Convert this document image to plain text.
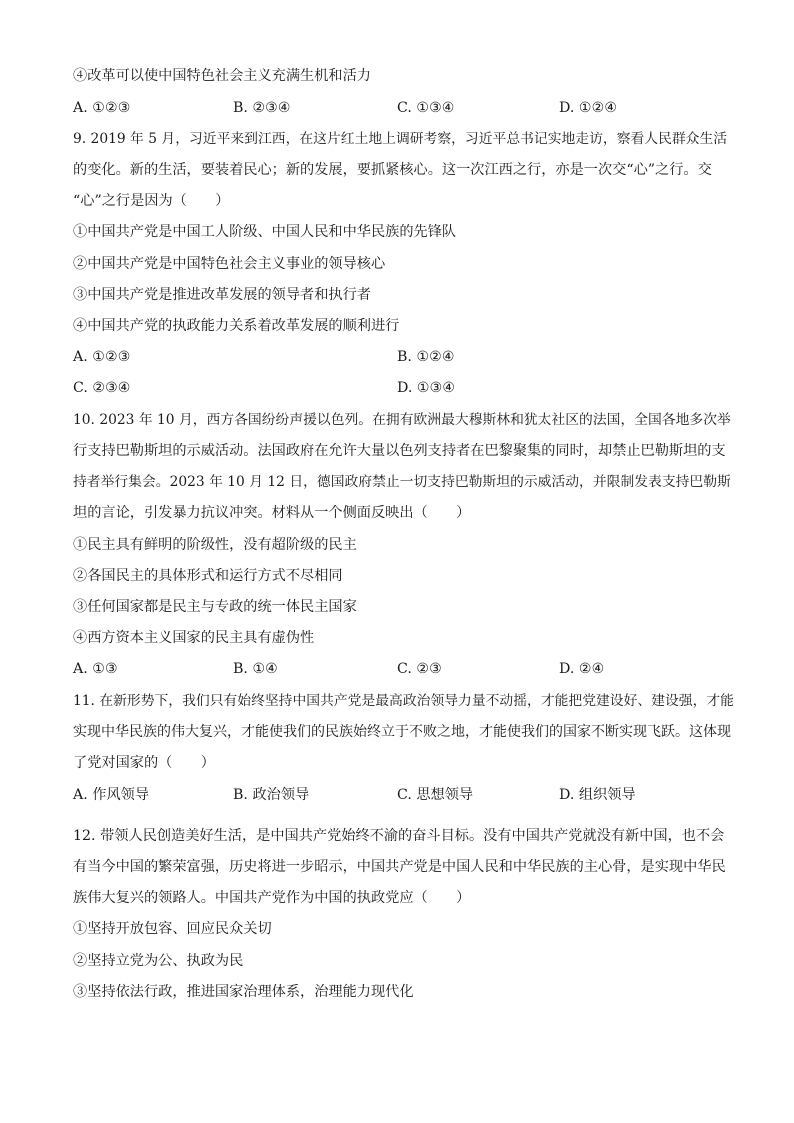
④改革可以使中国特色社会主义充满生机和活力
A. ①②③	B. ②③④	C. ①③④	D. ①②④
9. 2019 年 5 月，习近平来到江西，在这片红土地上调研考察，习近平总书记实地走访，察看人民群众生活
的变化。新的生活，要装着民心；新的发展，要抓紧核心。这一次江西之行，亦是一次交“心”之行。交
“心”之行是因为（　　）
①中国共产党是中国工人阶级、中国人民和中华民族的先锋队
②中国共产党是中国特色社会主义事业的领导核心
③中国共产党是推进改革发展的领导者和执行者
④中国共产党的执政能力关系着改革发展的顺利进行
A. ①②③	B. ①②④
C. ②③④	D. ①③④
10. 2023 年 10 月，西方各国纷纷声援以色列。在拥有欧洲最大穆斯林和犹太社区的法国，全国各地多次举
行支持巴勒斯坦的示威活动。法国政府在允许大量以色列支持者在巴黎聚集的同时，却禁止巴勒斯坦的支
持者举行集会。2023 年 10 月 12 日，德国政府禁止一切支持巴勒斯坦的示威活动，并限制发表支持巴勒斯
坦的言论，引发暴力抗议冲突。材料从一个侧面反映出（　　）
①民主具有鲜明的阶级性，没有超阶级的民主
②各国民主的具体形式和运行方式不尽相同
③任何国家都是民主与专政的统一体民主国家
④西方资本主义国家的民主具有虚伪性
A. ①③	B. ①④	C. ②③	D. ②④
11. 在新形势下，我们只有始终坚持中国共产党是最高政治领导力量不动摇，才能把党建设好、建设强，才能
实现中华民族的伟大复兴，才能使我们的民族始终立于不败之地，才能使我们的国家不断实现飞跃。这体现
了党对国家的（　　）
A. 作风领导	B. 政治领导	C. 思想领导	D. 组织领导
12. 带领人民创造美好生活，是中国共产党始终不渝的奋斗目标。没有中国共产党就没有新中国，也不会
有当今中国的繁荣富强，历史将进一步昭示，中国共产党是中国人民和中华民族的主心骨，是实现中华民
族伟大复兴的领路人。中国共产党作为中国的执政党应（　　）
①坚持开放包容、回应民众关切
②坚持立党为公、执政为民
③坚持依法行政，推进国家治理体系，治理能力现代化
